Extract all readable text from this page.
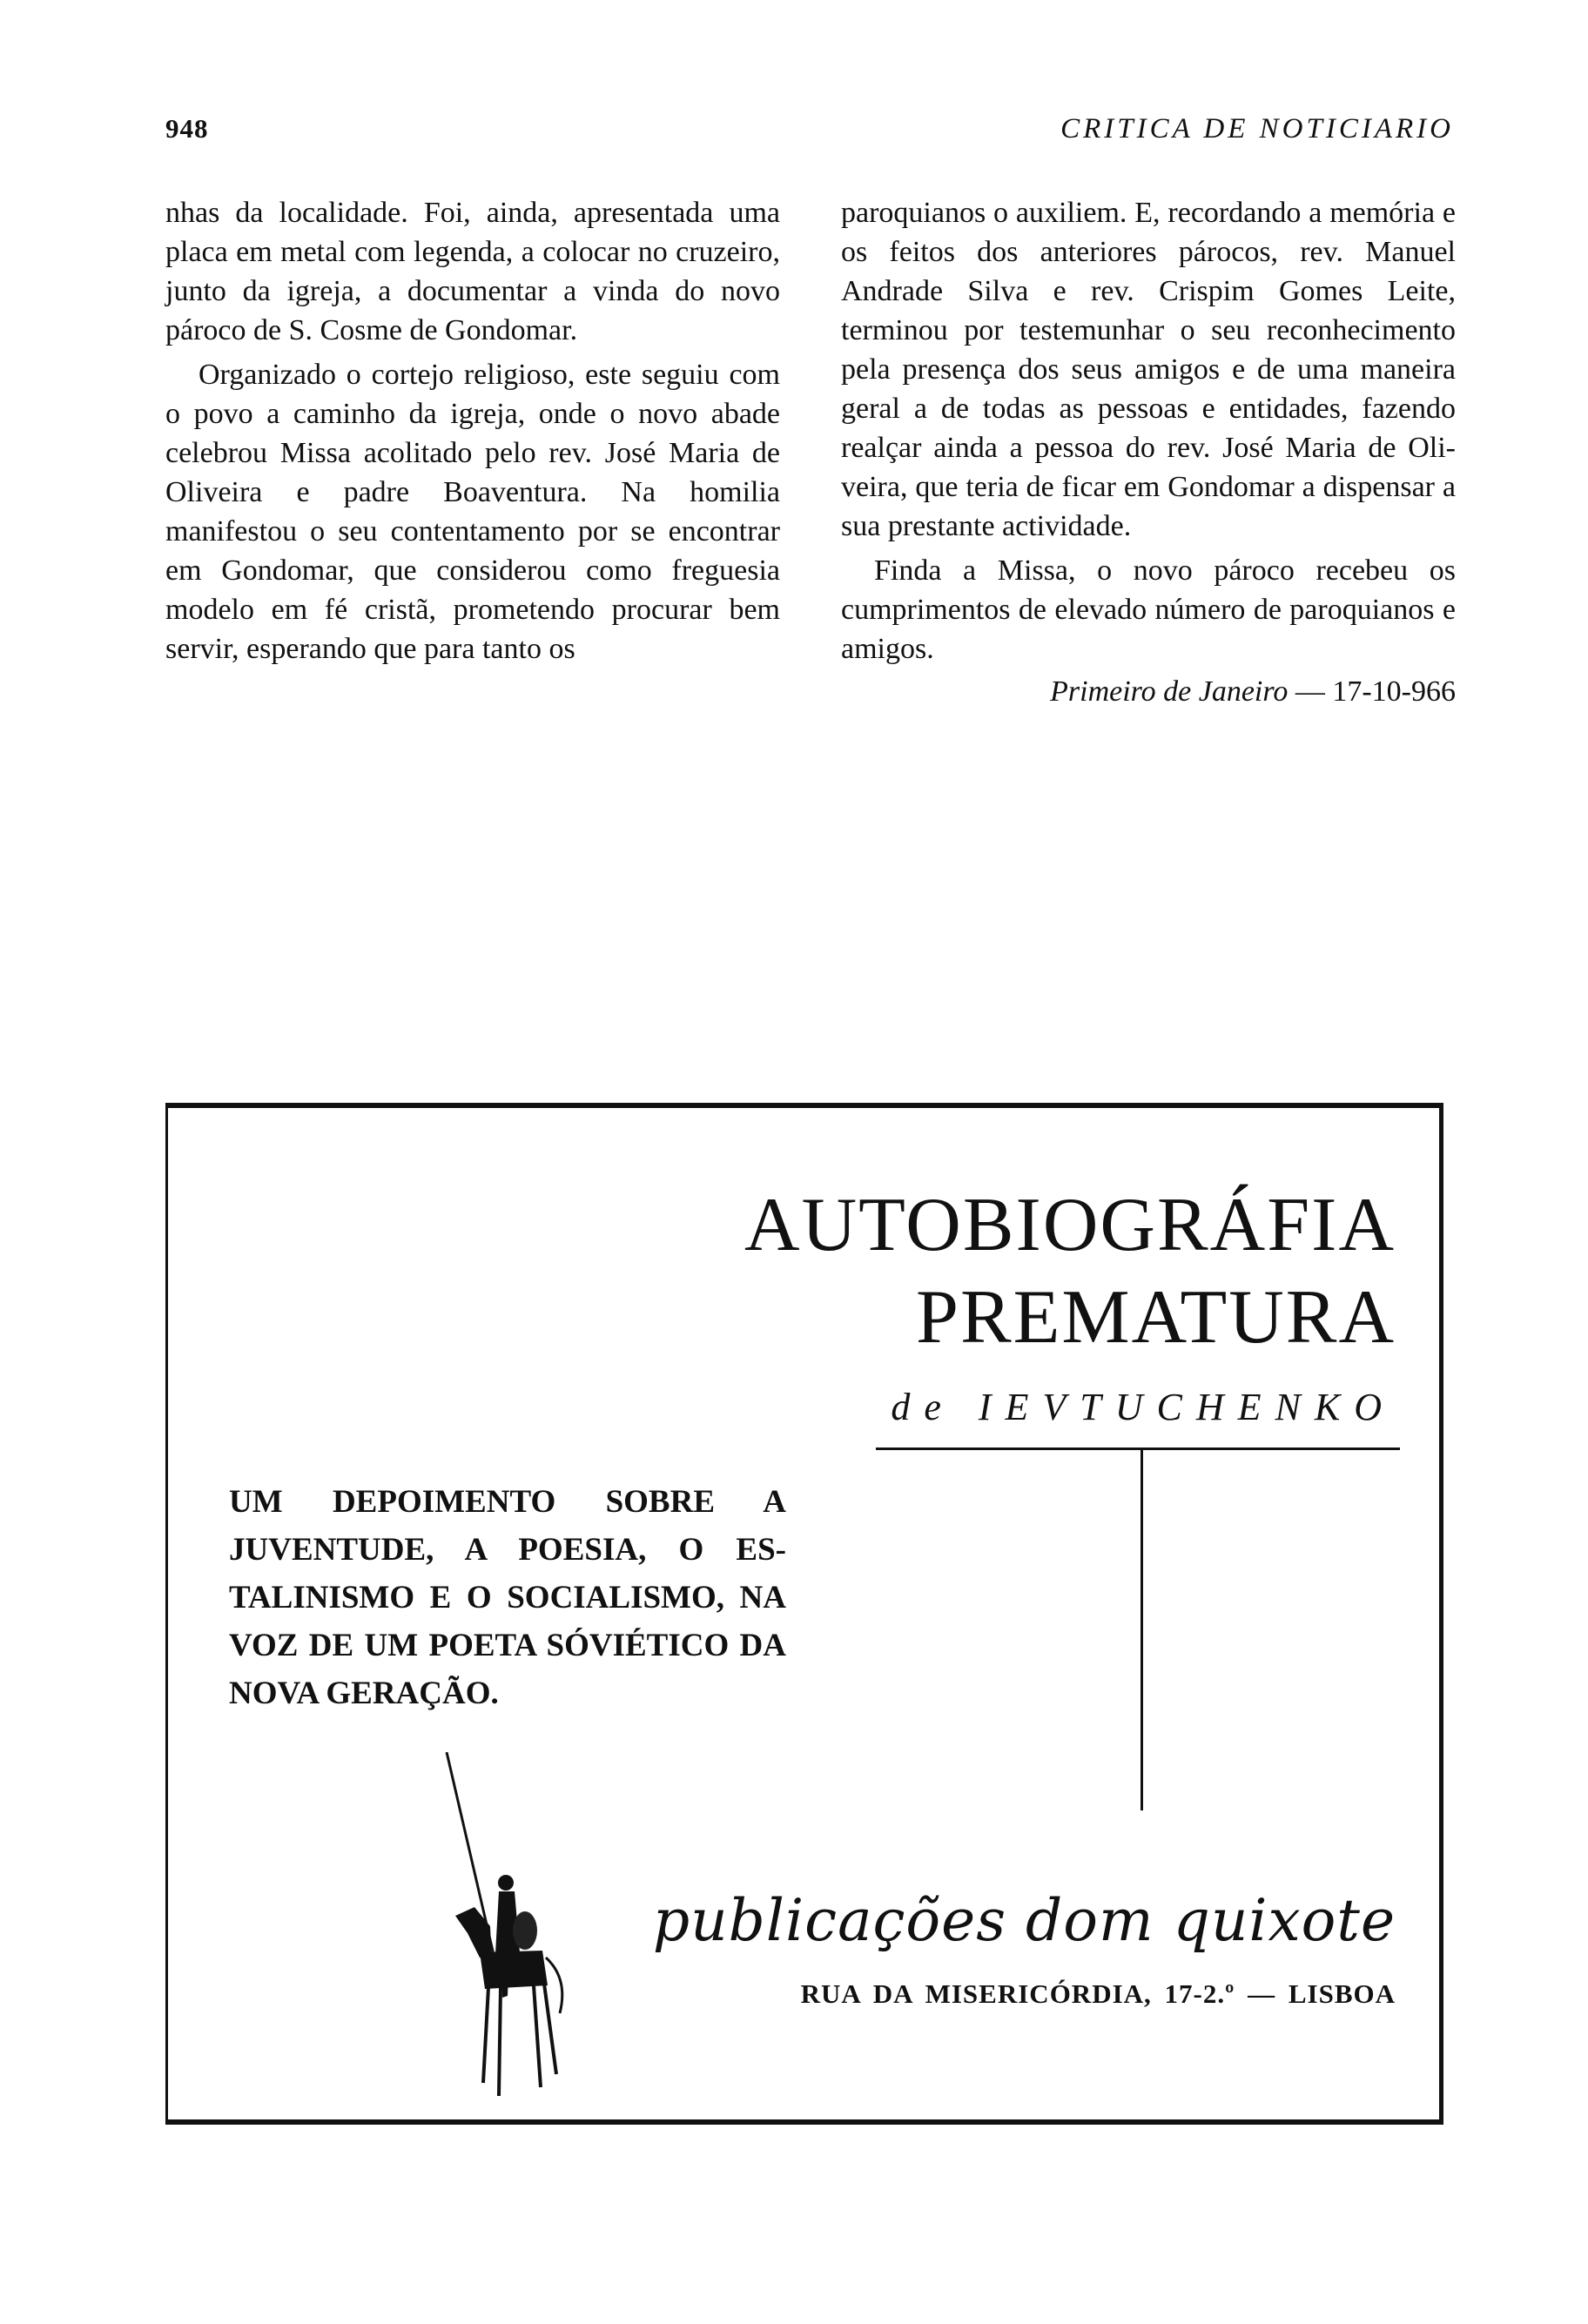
948	CRITICA DE NOTICIARIO

nhas da localidade. Foi, ainda, apresentada uma placa em metal com legenda, a colocar no cruzeiro, junto da igreja, a documentar a vinda do novo pároco de S. Cosme de Gondomar.

Organizado o cortejo religioso, este seguiu com o povo a caminho da igreja, onde o novo abade celebrou Missa acolitado pelo rev. José Maria de Oliveira e padre Boaventura. Na homilia manifestou o seu contentamento por se encontrar em Gondomar, que considerou como freguesia modelo em fé cristã, prometendo procurar bem servir, esperando que para tanto os

paroquianos o auxiliem. E, recordando a memória e os feitos dos anteriores párocos, rev. Manuel Andrade Silva e rev. Crispim Gomes Leite, terminou por testemunhar o seu reconhecimento pela presença dos seus amigos e de uma maneira geral a de todas as pessoas e entidades, fazendo realçar ainda a pessoa do rev. José Maria de Oliveira, que teria de ficar em Gondomar a dispensar a sua prestante actividade.

Finda a Missa, o novo pároco recebeu os cumprimentos de elevado número de paroquianos e amigos.

Primeiro de Janeiro — 17-10-966

AUTOBIOGRÁFIA
PREMATURA
de IEVTUCHENKO
UM DEPOIMENTO SOBRE A JUVENTUDE, A POESIA, O ESTALINISMO E O SOCIALISMO, NA VOZ DE UM POETA SÓVIÉTICO DA NOVA GERAÇÃO.
publicações dom quixote
RUA DA MISERICÓRDIA, 17-2.º — LISBOA
